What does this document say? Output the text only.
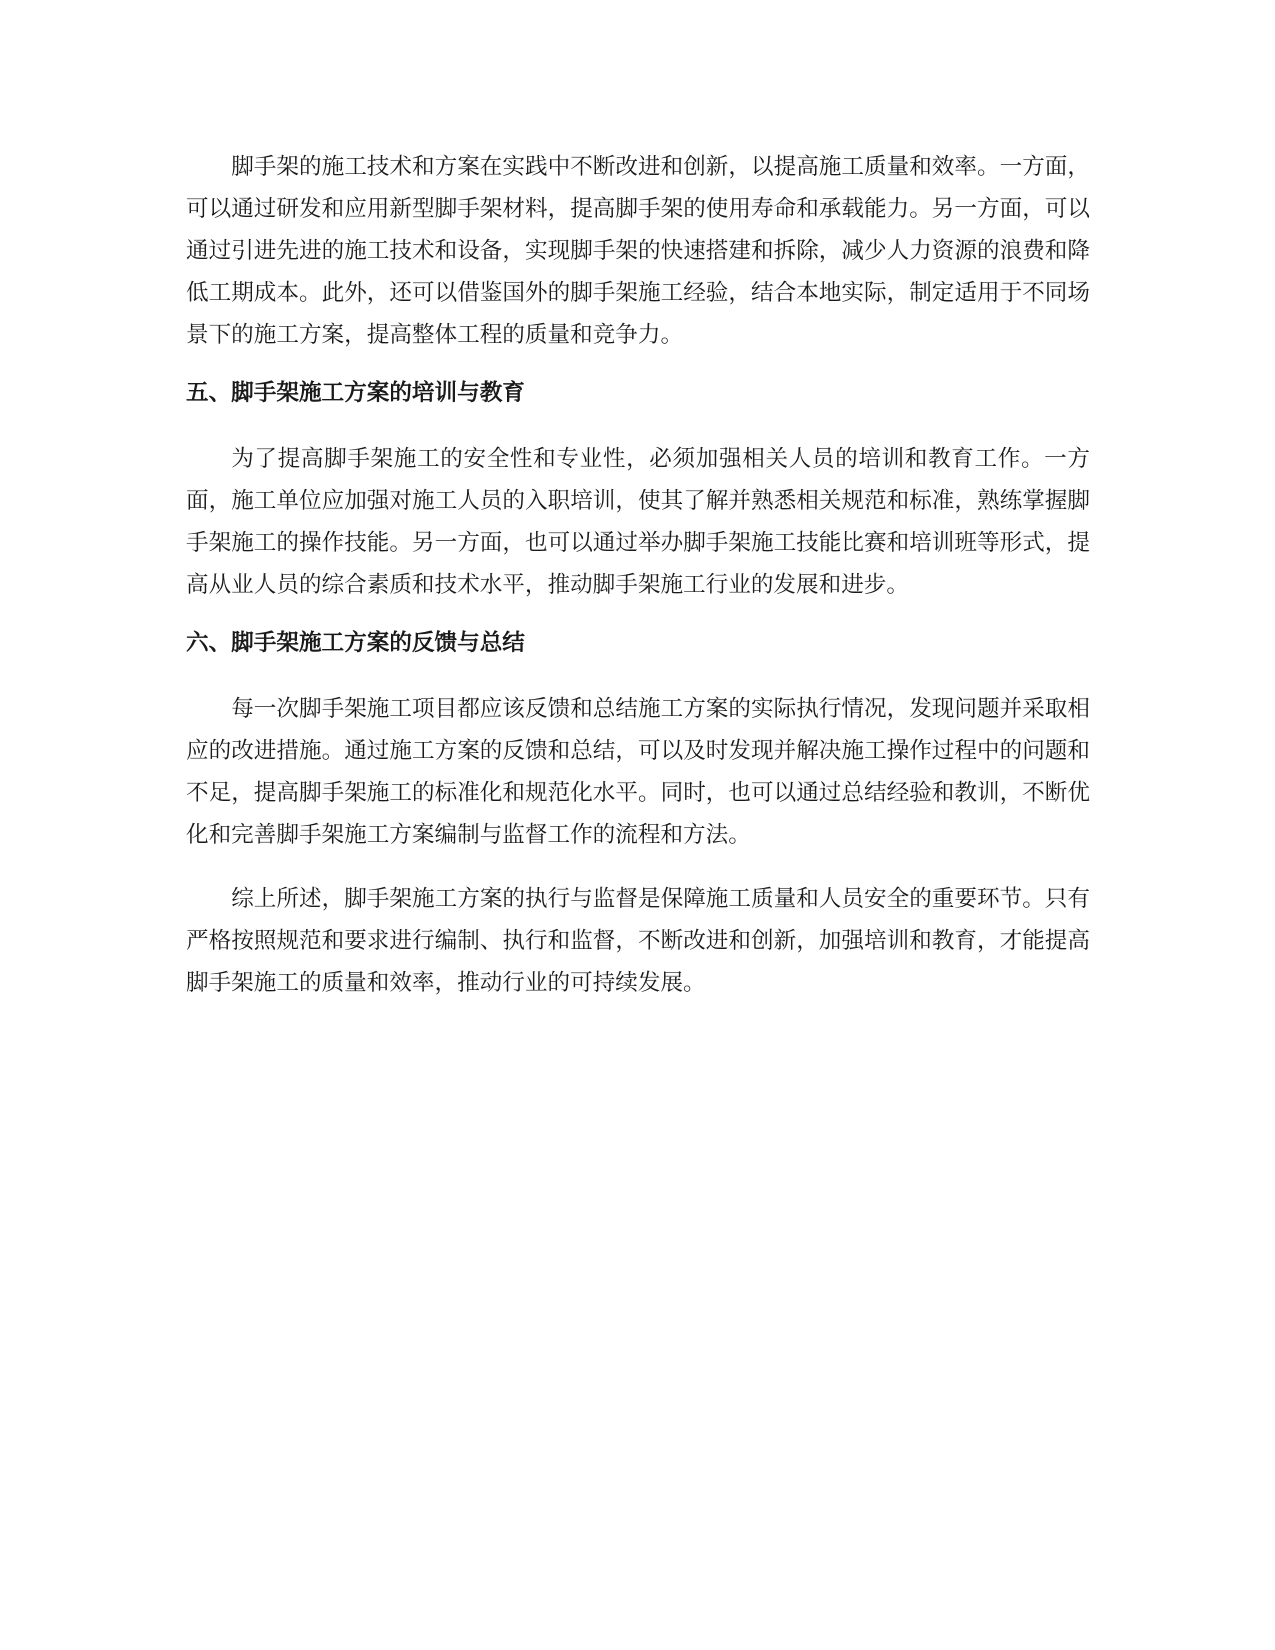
脚手架的施工技术和方案在实践中不断改进和创新，以提高施工质量和效率。一方面，可以通过研发和应用新型脚手架材料，提高脚手架的使用寿命和承载能力。另一方面，可以通过引进先进的施工技术和设备，实现脚手架的快速搭建和拆除，减少人力资源的浪费和降低工期成本。此外，还可以借鉴国外的脚手架施工经验，结合本地实际，制定适用于不同场景下的施工方案，提高整体工程的质量和竞争力。

五、脚手架施工方案的培训与教育

为了提高脚手架施工的安全性和专业性，必须加强相关人员的培训和教育工作。一方面，施工单位应加强对施工人员的入职培训，使其了解并熟悉相关规范和标准，熟练掌握脚手架施工的操作技能。另一方面，也可以通过举办脚手架施工技能比赛和培训班等形式，提高从业人员的综合素质和技术水平，推动脚手架施工行业的发展和进步。

六、脚手架施工方案的反馈与总结

每一次脚手架施工项目都应该反馈和总结施工方案的实际执行情况，发现问题并采取相应的改进措施。通过施工方案的反馈和总结，可以及时发现并解决施工操作过程中的问题和不足，提高脚手架施工的标准化和规范化水平。同时，也可以通过总结经验和教训，不断优化和完善脚手架施工方案编制与监督工作的流程和方法。

综上所述，脚手架施工方案的执行与监督是保障施工质量和人员安全的重要环节。只有严格按照规范和要求进行编制、执行和监督，不断改进和创新，加强培训和教育，才能提高脚手架施工的质量和效率，推动行业的可持续发展。
